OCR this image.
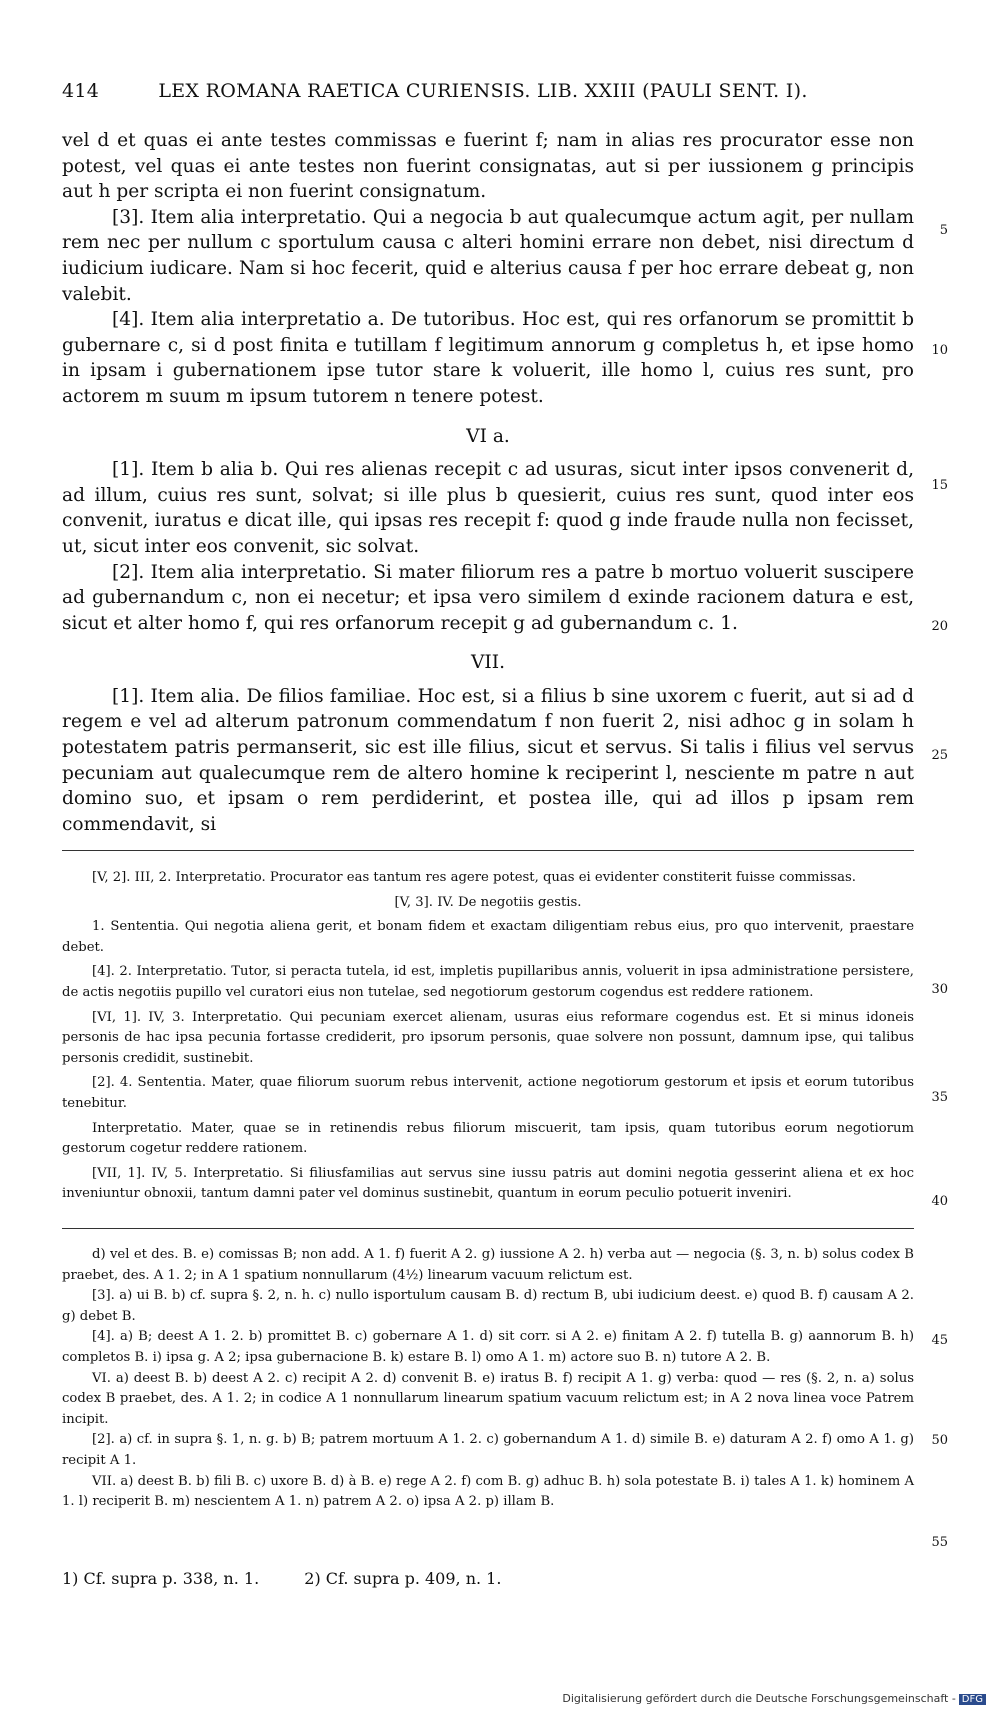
414	LEX ROMANA RAETICA CURIENSIS. LIB. XXIII (PAULI SENT. I).

vel d et quas ei ante testes commissas e fuerint f; nam in alias res procurator esse non potest, vel quas ei ante testes non fuerint consignatas, aut si per iussionem g principis aut h per scripta ei non fuerint consignatum.

[3]. Item alia interpretatio. Qui a negocia b aut qualecumque actum agit, per nullam rem nec per nullum c sportulum causa c alteri homini errare non debet, nisi directum d iudicium iudicare. Nam si hoc fecerit, quid e alterius causa f per hoc errare debeat g, non valebit.

[4]. Item alia interpretatio a. De tutoribus. Hoc est, qui res orfanorum se promittit b gubernare c, si d post finita e tutillam f legitimum annorum g completus h, et ipse homo in ipsam i gubernationem ipse tutor stare k voluerit, ille homo l, cuius res sunt, pro actorem m suum m ipsum tutorem n tenere potest.

VI a.

[1]. Item b alia b. Qui res alienas recepit c ad usuras, sicut inter ipsos convenerit d, ad illum, cuius res sunt, solvat; si ille plus b quesierit, cuius res sunt, quod inter eos convenit, iuratus e dicat ille, qui ipsas res recepit f: quod g inde fraude nulla non fecisset, ut, sicut inter eos convenit, sic solvat.

[2]. Item alia interpretatio. Si mater filiorum res a patre b mortuo voluerit suscipere ad gubernandum c, non ei necetur; et ipsa vero similem d exinde racionem datura e est, sicut et alter homo f, qui res orfanorum recepit g ad gubernandum c. 1.

VII.

[1]. Item alia. De filios familiae. Hoc est, si a filius b sine uxorem c fuerit, aut si ad d regem e vel ad alterum patronum commendatum f non fuerit 2, nisi adhoc g in solam h potestatem patris permanserit, sic est ille filius, sicut et servus. Si talis i filius vel servus pecuniam aut qualecumque rem de altero homine k reciperint l, nesciente m patre n aut domino suo, et ipsam o rem perdiderint, et postea ille, qui ad illos p ipsam rem commendavit, si

5
10
15
20
25

[V, 2]. III, 2. Interpretatio. Procurator eas tantum res agere potest, quas ei evidenter constiterit fuisse commissas.

[V, 3]. IV. De negotiis gestis.

1. Sententia. Qui negotia aliena gerit, et bonam fidem et exactam diligentiam rebus eius, pro quo intervenit, praestare debet.

[4]. 2. Interpretatio. Tutor, si peracta tutela, id est, impletis pupillaribus annis, voluerit in ipsa administratione persistere, de actis negotiis pupillo vel curatori eius non tutelae, sed negotiorum gestorum cogendus est reddere rationem.

[VI, 1]. IV, 3. Interpretatio. Qui pecuniam exercet alienam, usuras eius reformare cogendus est. Et si minus idoneis personis de hac ipsa pecunia fortasse crediderit, pro ipsorum personis, quae solvere non possunt, damnum ipse, qui talibus personis credidit, sustinebit.

[2]. 4. Sententia. Mater, quae filiorum suorum rebus intervenit, actione negotiorum gestorum et ipsis et eorum tutoribus tenebitur.

Interpretatio. Mater, quae se in retinendis rebus filiorum miscuerit, tam ipsis, quam tutoribus eorum negotiorum gestorum cogetur reddere rationem.

[VII, 1]. IV, 5. Interpretatio. Si filiusfamilias aut servus sine iussu patris aut domini negotia gesserint aliena et ex hoc inveniuntur obnoxii, tantum damni pater vel dominus sustinebit, quantum in eorum peculio potuerit inveniri.

30
35
40

d) vel et des. B. e) comissas B; non add. A 1. f) fuerit A 2. g) iussione A 2. h) verba aut — negocia (§. 3, n. b) solus codex B praebet, des. A 1. 2; in A 1 spatium nonnullarum (4½) linearum vacuum relictum est.

[3]. a) ui B. b) cf. supra §. 2, n. h. c) nullo isportulum causam B. d) rectum B, ubi iudicium deest. e) quod B. f) causam A 2. g) debet B.

[4]. a) B; deest A 1. 2. b) promittet B. c) gobernare A 1. d) sit corr. si A 2. e) finitam A 2. f) tutella B. g) aannorum B. h) completos B. i) ipsa g. A 2; ipsa gubernacione B. k) estare B. l) omo A 1. m) actore suo B. n) tutore A 2. B.

VI. a) deest B. b) deest A 2. c) recipit A 2. d) convenit B. e) iratus B. f) recipit A 1. g) verba: quod — res (§. 2, n. a) solus codex B praebet, des. A 1. 2; in codice A 1 nonnullarum linearum spatium vacuum relictum est; in A 2 nova linea voce Patrem incipit.

[2]. a) cf. in supra §. 1, n. g. b) B; patrem mortuum A 1. 2. c) gobernandum A 1. d) simile B. e) daturam A 2. f) omo A 1. g) recipit A 1.

VII. a) deest B. b) fili B. c) uxore B. d) à B. e) rege A 2. f) com B. g) adhuc B. h) sola potestate B. i) tales A 1. k) hominem A 1. l) reciperit B. m) nescientem A 1. n) patrem A 2. o) ipsa A 2. p) illam B.

45
50
55
1) Cf. supra p. 338, n. 1.	2) Cf. supra p. 409, n. 1.
Digitalisierung gefördert durch die Deutsche Forschungsgemeinschaft - DFG
